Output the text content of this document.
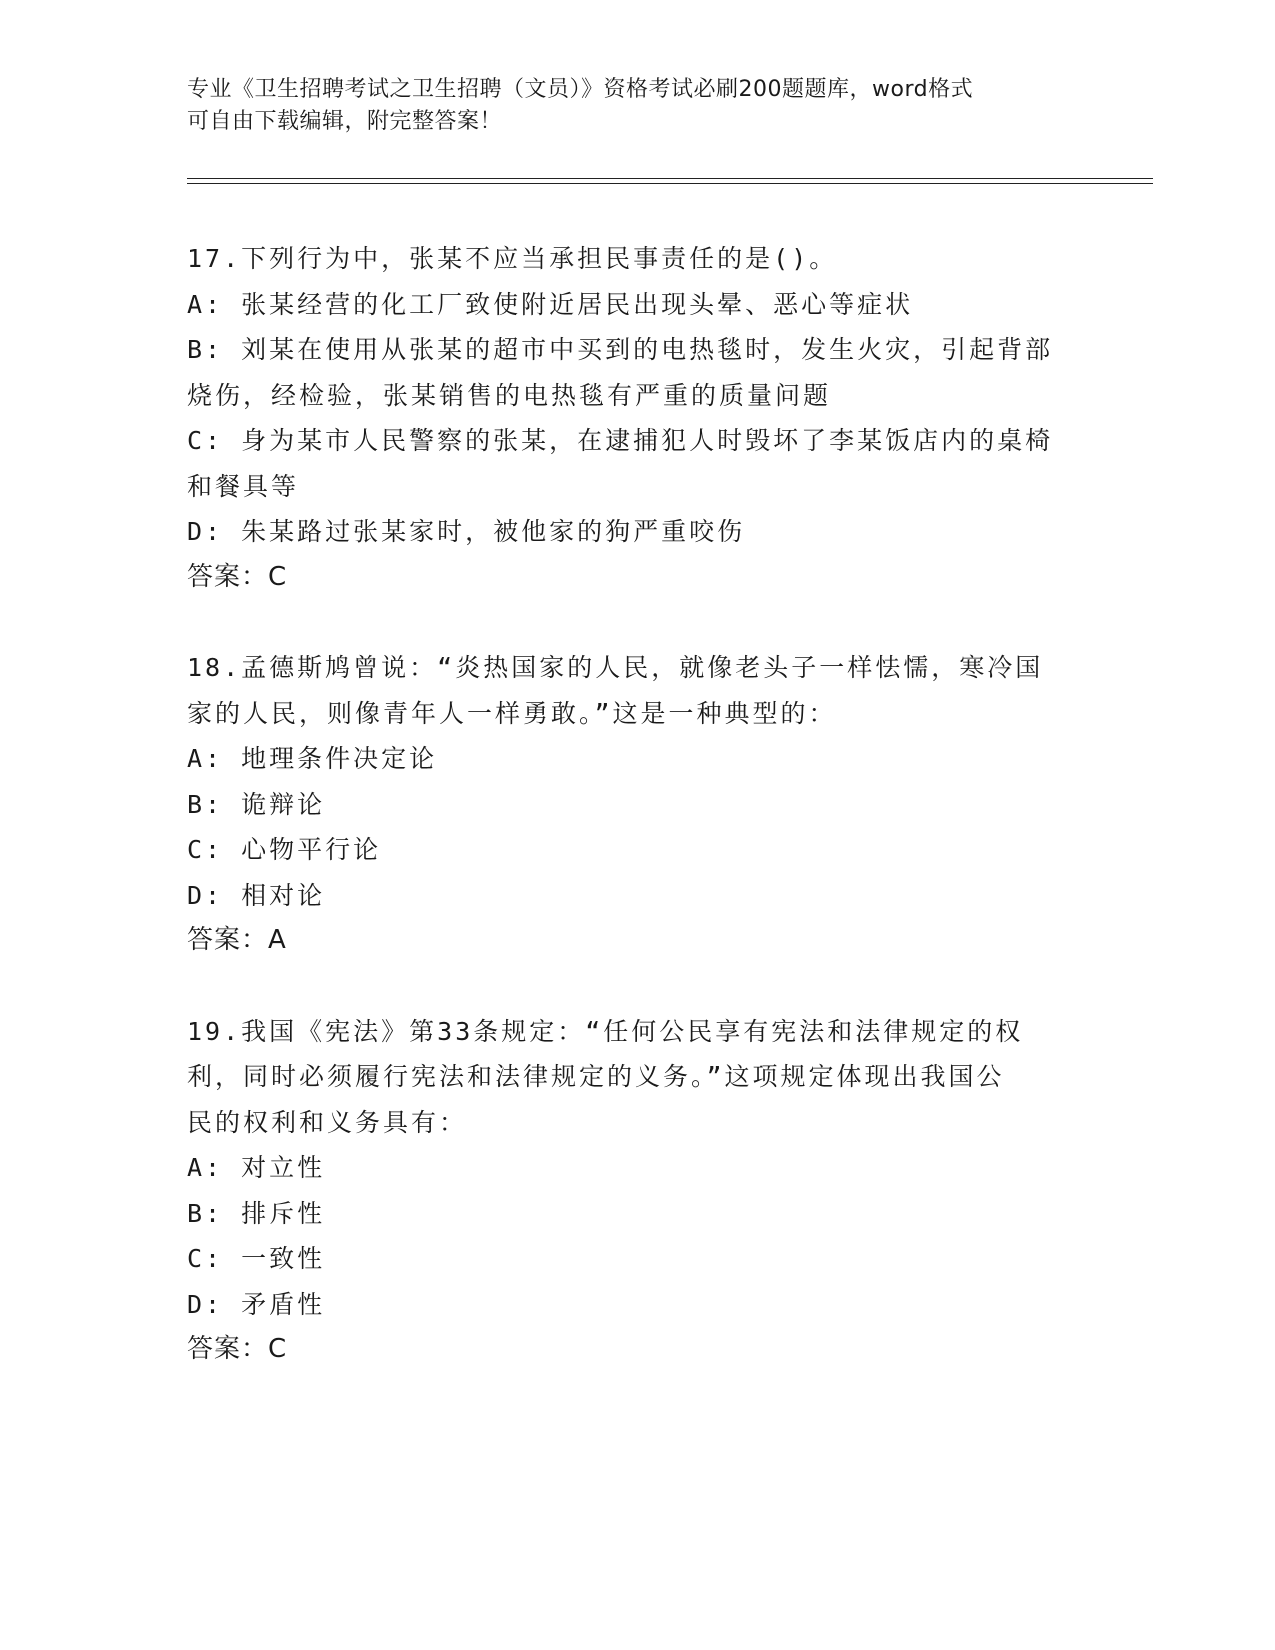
专业《卫生招聘考试之卫生招聘（文员）》资格考试必刷200题题库，word格式
可自由下载编辑，附完整答案！
17.下列行为中，张某不应当承担民事责任的是()。
A: 张某经营的化工厂致使附近居民出现头晕、恶心等症状
B: 刘某在使用从张某的超市中买到的电热毯时，发生火灾，引起背部
烧伤，经检验，张某销售的电热毯有严重的质量问题
C: 身为某市人民警察的张某，在逮捕犯人时毁坏了李某饭店内的桌椅
和餐具等
D: 朱某路过张某家时，被他家的狗严重咬伤
答案：C
18.孟德斯鸠曾说：“炎热国家的人民，就像老头子一样怯懦，寒冷国
家的人民，则像青年人一样勇敢。”这是一种典型的：
A: 地理条件决定论
B: 诡辩论
C: 心物平行论
D: 相对论
答案：A
19.我国《宪法》第33条规定：“任何公民享有宪法和法律规定的权
利，同时必须履行宪法和法律规定的义务。”这项规定体现出我国公
民的权利和义务具有：
A: 对立性
B: 排斥性
C: 一致性
D: 矛盾性
答案：C
